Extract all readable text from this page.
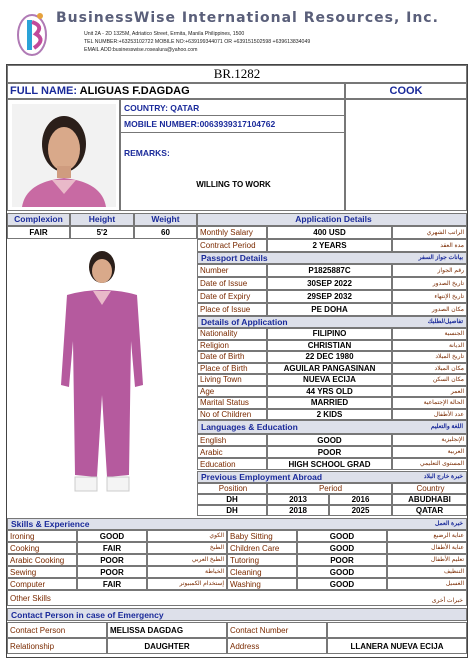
BusinessWise International Resources, Inc.
Unit 2A - 2D 1325M, Adriatico Street, Ermita, Manila Philippines, 1500
TEL NUMBER:+63253102722 MOBILE NO:+639199344071 OR +639151502598 +639613834049
EMAIL ADD:businesswise.rosealura@yahoo.com
BR.1282
FULL NAME: ALIGUAS F.DAGDAG	COOK
COUNTRY: QATAR
MOBILE NUMBER:0063939317104762
REMARKS:
WILLING TO WORK
Complexion	Height	Weight
FAIR	5'2	60
Application Details
Monthly Salary	400 USD	الراتب الشهري
Contract Period	2 YEARS	مدة العقد
Passport Details	بيانات جواز السفر
Number	P1825887C	رقم الجواز
Date of Issue	30SEP 2022	تاريخ الصدور
Date of Expiry	29SEP 2032	تاريخ الإنتهاء
Place of Issue	PE DOHA	مكان الصدور
Details of Application	تفاصيل/لطلبك
Nationality	FILIPINO	الجنسية
Religion	CHRISTIAN	الديانة
Date of Birth	22 DEC 1980	تاريخ الميلاد
Place of Birth	AGUILAR PANGASINAN	مكان الميلاد
Living Town	NUEVA ECIJA	مكان السكن
Age	44 YRS OLD	العمر
Marital Status	MARRIED	الحالة الإجتماعية
No of Children	2 KIDS	عدد الأطفال
Languages & Education	اللغة والتعليم
English	GOOD	الإنجليزية
Arabic	POOR	العربية
Education	HIGH SCHOOL GRAD	المستوى التعليمي
Previous Employment Abroad	خبرة خارج البلاد
Position	Period	Country
DH	2013	2016	ABUDHABI
DH	2018	2025	QATAR
Skills & Experience	خبرة العمل
Ironing	GOOD	الكوي Baby Sitting	GOOD	عناية الرضيع
Cooking	FAIR	الطبخ Children Care	GOOD	عناية الأطفال
Arabic Cooking	POOR	الطبخ العربي Tutoring	POOR	تعليم الأطفال
Sewing	POOR	الخياطة Cleaning	GOOD	التنظيف
Computer	FAIR	إستخدام الكمبيوتر Washing	GOOD	الغسيل
Other Skills	خبرات أخرى
Contact Person in case of Emergency
Contact Person	MELISSA DAGDAG	Contact Number
Relationship	DAUGHTER	Address	LLANERA NUEVA ECIJA
